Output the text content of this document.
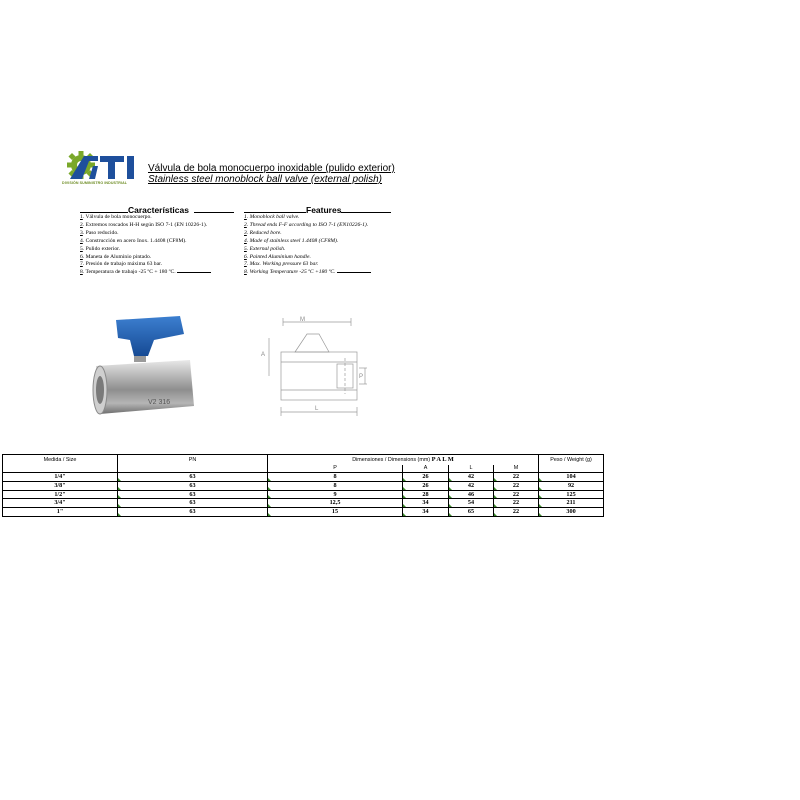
DIVISIÓN SUMINISTRO INDUSTRIAL
Válvula de bola monocuerpo inoxidable (pulido exterior)
Stainless steel monoblock ball valve (external polish)
Características
1. Válvula de bola monocuerpo.
2. Extremos roscados H-H según ISO 7-1 (EN 10226-1).
3. Paso reducido.
4. Construcción en acero Inox. 1.4408 (CF8M).
5. Pulido exterior.
6. Maneta de Aluminio pintado.
7. Presión de trabajo máxima 63 bar.
8. Temperatura de trabajo -25 ºC + 180 ºC.
Features
1. Monoblock ball valve.
2. Thread ends F-F according to ISO 7-1 (EN10226-1).
3. Reduced bore.
4. Made of stainless steel 1.4408 (CF8M).
5. External polish.
6. Painted Aluminium handle.
7. Max. Working pressure 63 bar.
8. Working Temperature -25 ºC +180 ºC.
V2 316
M
A
P
L
Medida / Size	PN	Dimensiones / Dimensions (mm) P A L M				Peso / Weight (g)
		P	A	L	M	
1/4"	63	8	26	42	22	104
3/8"	63	8	26	42	22	92
1/2"	63	9	28	46	22	125
3/4"	63	12,5	34	54	22	211
1"	63	15	34	65	22	300
